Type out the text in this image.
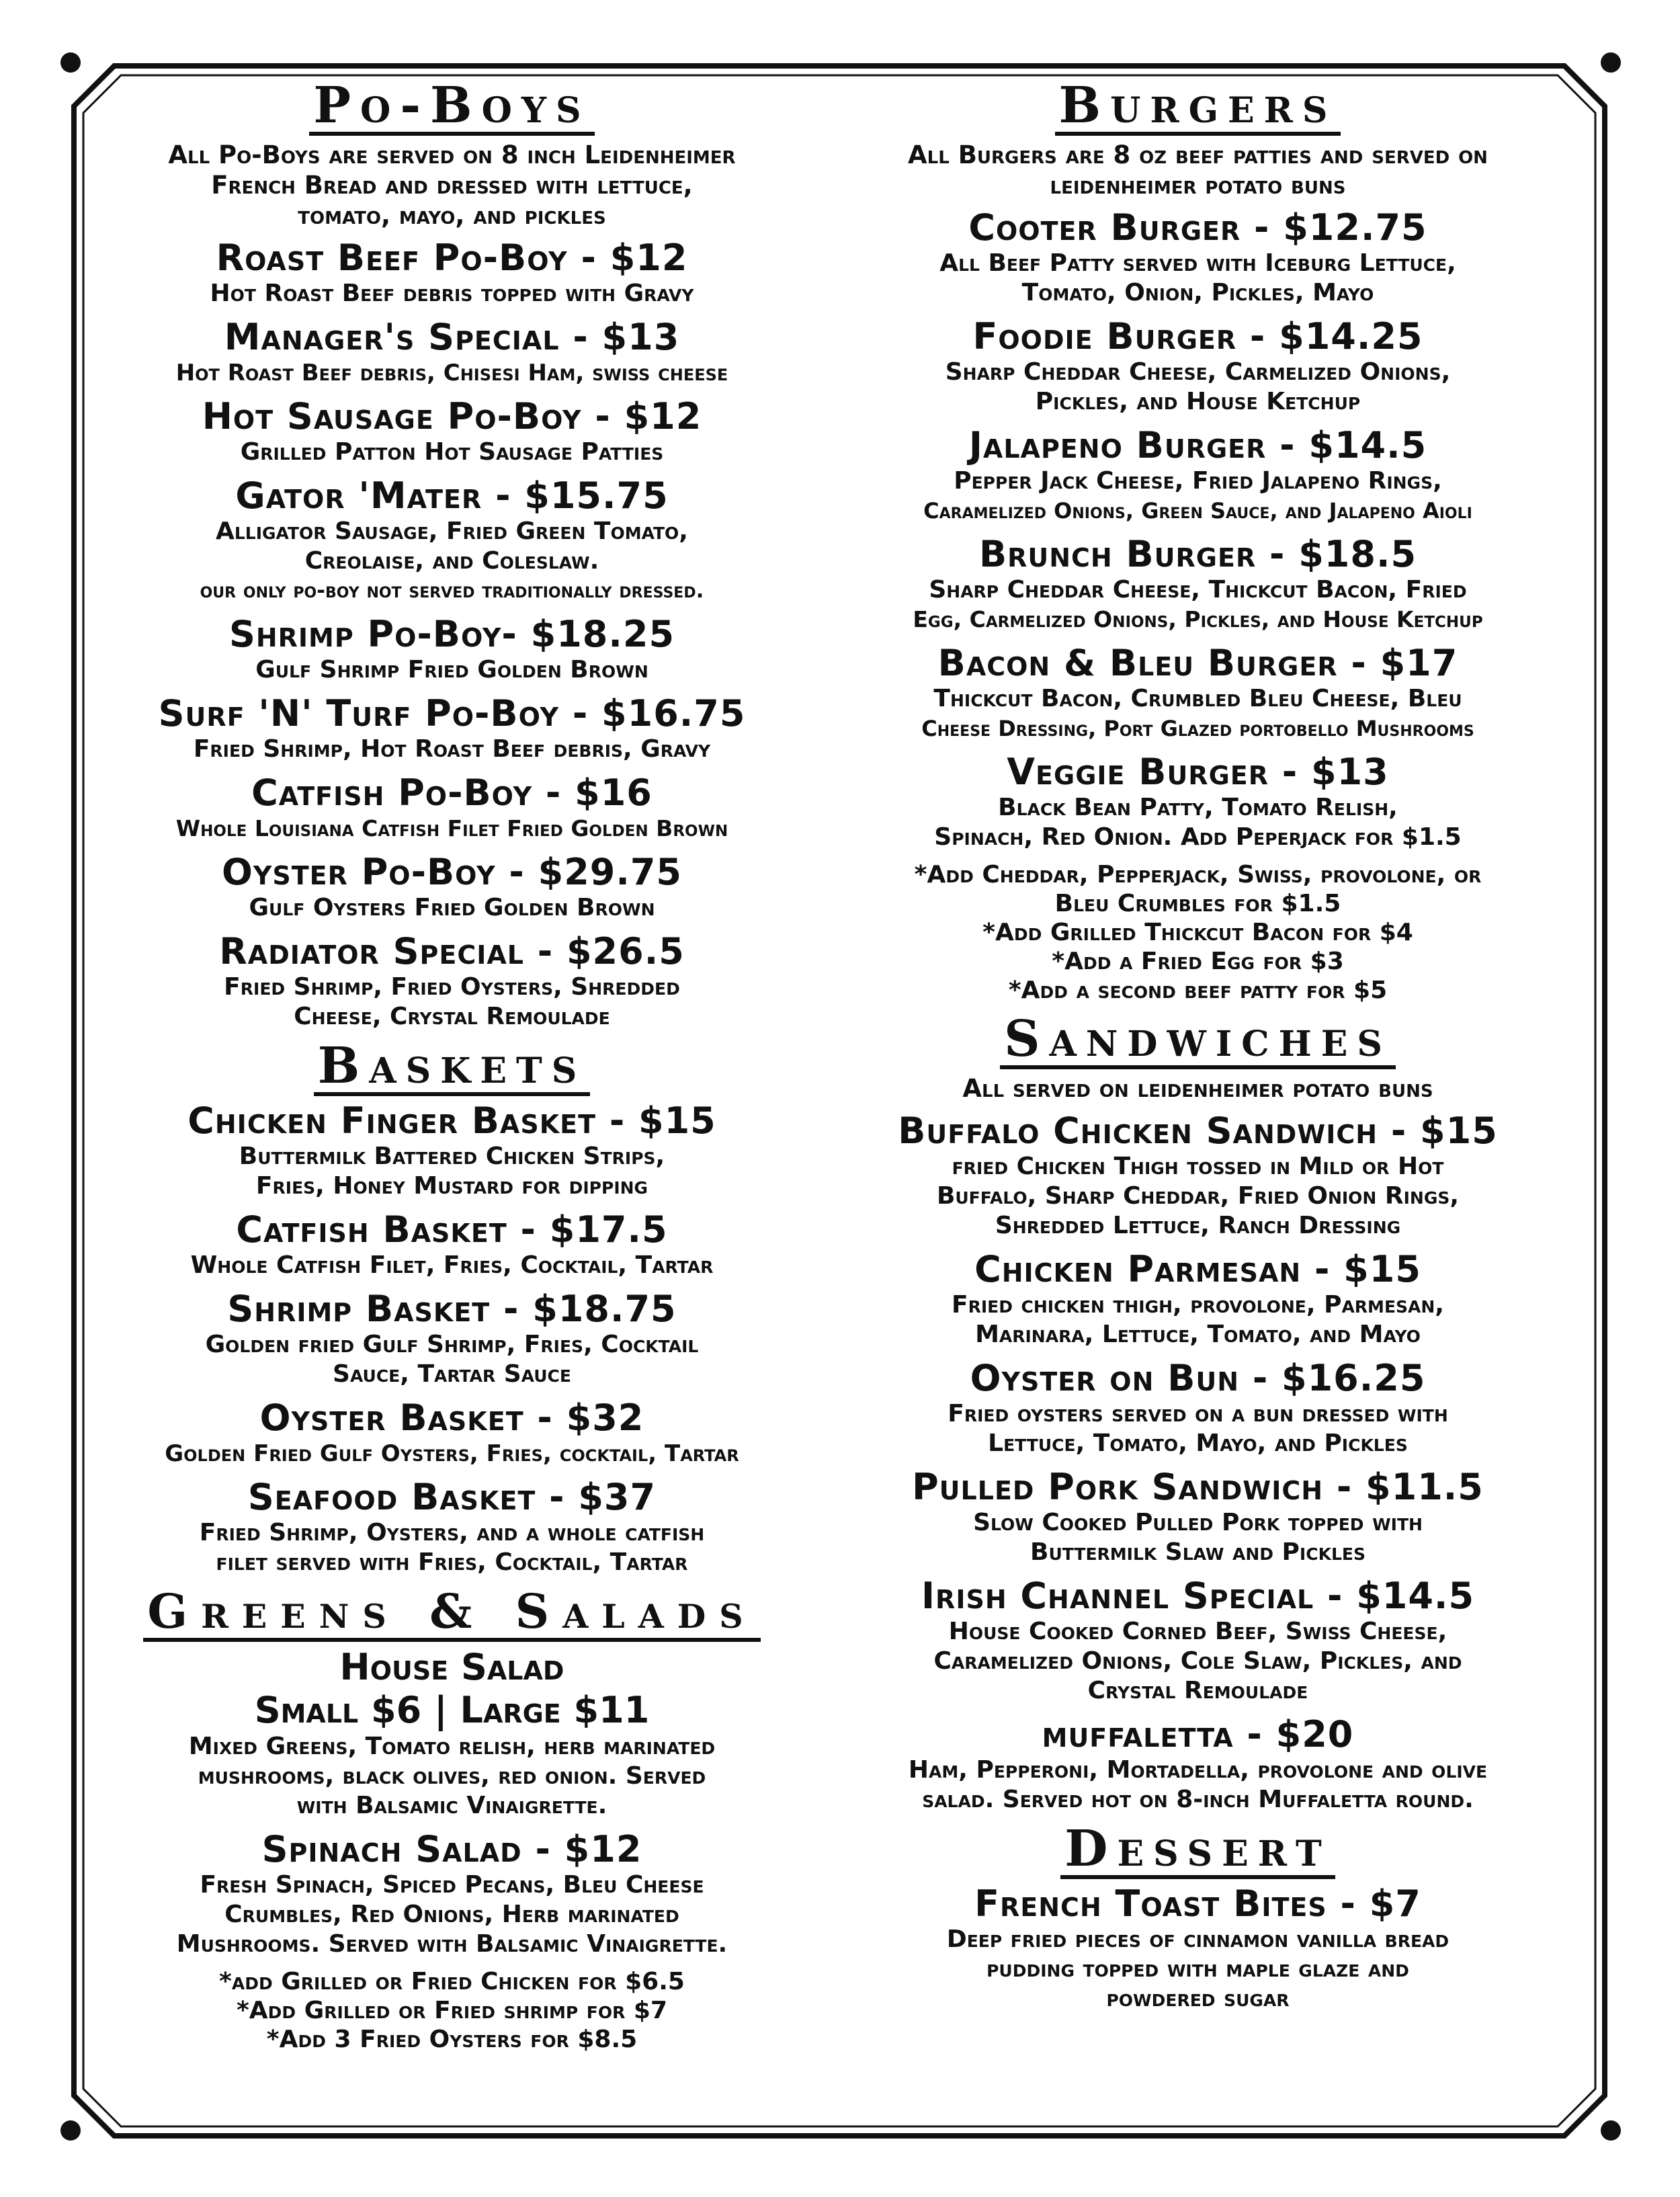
Po-Boys
All Po-Boys are served on 8 inch Leidenheimer
French Bread and dressed with lettuce,
tomato, mayo, and pickles
Roast Beef Po-Boy - $12
Hot Roast Beef debris topped with Gravy
Manager's Special - $13
Hot Roast Beef debris, Chisesi Ham, swiss cheese
Hot Sausage Po-Boy - $12
Grilled Patton Hot Sausage Patties
Gator 'Mater - $15.75
Alligator Sausage, Fried Green Tomato,
Creolaise, and Coleslaw.
our only po-boy not served traditionally dressed.
Shrimp Po-Boy- $18.25
Gulf Shrimp Fried Golden Brown
Surf 'N' Turf Po-Boy - $16.75
Fried Shrimp, Hot Roast Beef debris, Gravy
Catfish Po-Boy - $16
Whole Louisiana Catfish Filet Fried Golden Brown
Oyster Po-Boy - $29.75
Gulf Oysters Fried Golden Brown
Radiator Special - $26.5
Fried Shrimp, Fried Oysters, Shredded
Cheese, Crystal Remoulade
Baskets
Chicken Finger Basket - $15
Buttermilk Battered Chicken Strips,
Fries, Honey Mustard for dipping
Catfish Basket - $17.5
Whole Catfish Filet, Fries, Cocktail, Tartar
Shrimp Basket - $18.75
Golden fried Gulf Shrimp, Fries, Cocktail
Sauce, Tartar Sauce
Oyster Basket - $32
Golden Fried Gulf Oysters, Fries, cocktail, Tartar
Seafood Basket - $37
Fried Shrimp, Oysters, and a whole catfish
filet served with Fries, Cocktail, Tartar
Greens & Salads
House Salad
Small $6 | Large $11
Mixed Greens, Tomato relish, herb marinated
mushrooms, black olives, red onion. Served
with Balsamic Vinaigrette.
Spinach Salad - $12
Fresh Spinach, Spiced Pecans, Bleu Cheese
Crumbles, Red Onions, Herb marinated
Mushrooms. Served with Balsamic Vinaigrette.
*add Grilled or Fried Chicken for $6.5
*Add Grilled or Fried shrimp for $7
*Add 3 Fried Oysters for $8.5
Burgers
All Burgers are 8 oz beef patties and served on
leidenheimer potato buns
Cooter Burger - $12.75
All Beef Patty served with Iceburg Lettuce,
Tomato, Onion, Pickles, Mayo
Foodie Burger - $14.25
Sharp Cheddar Cheese, Carmelized Onions,
Pickles, and House Ketchup
Jalapeno Burger - $14.5
Pepper Jack Cheese, Fried Jalapeno Rings,
Caramelized Onions, Green Sauce, and Jalapeno Aioli
Brunch Burger - $18.5
Sharp Cheddar Cheese, Thickcut Bacon, Fried
Egg, Carmelized Onions, Pickles, and House Ketchup
Bacon & Bleu Burger - $17
Thickcut Bacon, Crumbled Bleu Cheese, Bleu
Cheese Dressing, Port Glazed portobello Mushrooms
Veggie Burger - $13
Black Bean Patty, Tomato Relish,
Spinach, Red Onion. Add Peperjack for $1.5
*Add Cheddar, Pepperjack, Swiss, provolone, or
Bleu Crumbles for $1.5
*Add Grilled Thickcut Bacon for $4
*Add a Fried Egg for $3
*Add a second beef patty for $5
Sandwiches
All served on leidenheimer potato buns
Buffalo Chicken Sandwich - $15
fried Chicken Thigh tossed in Mild or Hot
Buffalo, Sharp Cheddar, Fried Onion Rings,
Shredded Lettuce, Ranch Dressing
Chicken Parmesan - $15
Fried chicken thigh, provolone, Parmesan,
Marinara, Lettuce, Tomato, and Mayo
Oyster on Bun - $16.25
Fried oysters served on a bun dressed with
Lettuce, Tomato, Mayo, and Pickles
Pulled Pork Sandwich - $11.5
Slow Cooked Pulled Pork topped with
Buttermilk Slaw and Pickles
Irish Channel Special - $14.5
House Cooked Corned Beef, Swiss Cheese,
Caramelized Onions, Cole Slaw, Pickles, and
Crystal Remoulade
muffaletta - $20
Ham, Pepperoni, Mortadella, provolone and olive
salad. Served hot on 8-inch Muffaletta round.
Dessert
French Toast Bites - $7
Deep fried pieces of cinnamon vanilla bread
pudding topped with maple glaze and
powdered sugar
